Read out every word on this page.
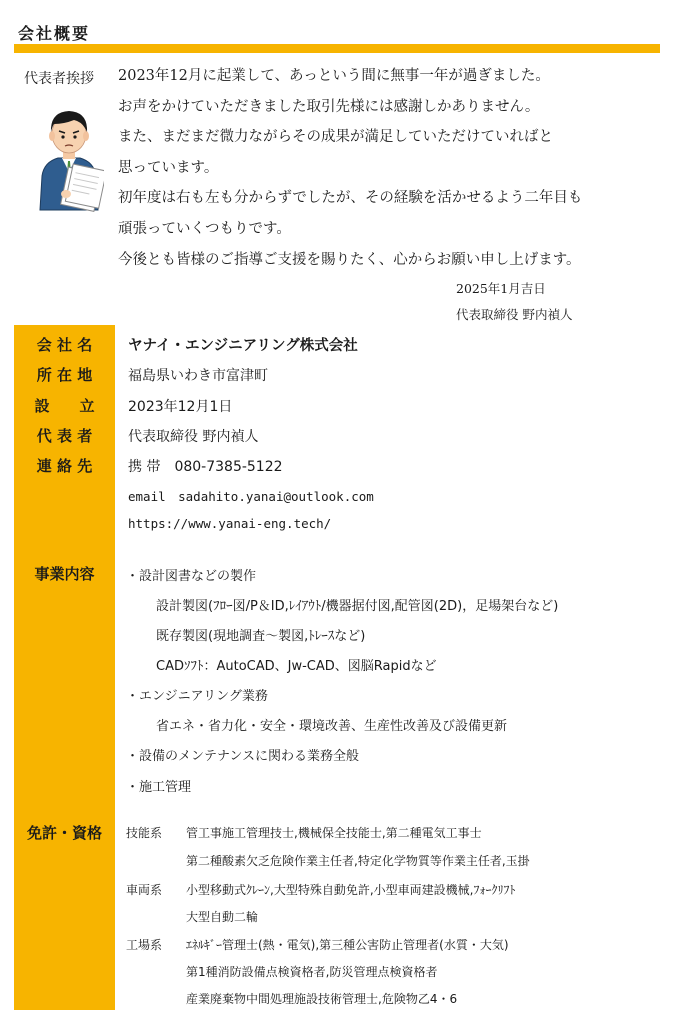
会社概要
代表者挨拶 2023年12月に起業して、あっという間に無事一年が過ぎました。
お声をかけていただきました取引先様には感謝しかありません。
また、まだまだ微力ながらその成果が満足していただけていればと
思っています。
初年度は右も左も分からずでしたが、その経験を活かせるよう二年目も
頑張っていくつもりです。
今後とも皆様のご指導ご支援を賜りたく、心からお願い申し上げます。
2025年1月吉日
代表取締役 野内禎人
会 社 名	ヤナイ・エンジニアリング株式会社
所 在 地	福島県いわき市富津町
設　　立	2023年12月1日
代 表 者	代表取締役 野内禎人
連 絡 先	携 帯　080-7385-5122
email　sadahito.yanai@outlook.com
https://www.yanai-eng.tech/
事業内容	・設計図書などの製作
設計製図(ﾌﾛｰ図/P＆ID,ﾚｲｱｳﾄ/機器据付図,配管図(2D)，足場架台など)
既存製図(現地調査～製図,ﾄﾚｰｽなど)
CADｿﾌﾄ：AutoCAD、Jw-CAD、図脳Rapidなど
・エンジニアリング業務
省エネ・省力化・安全・環境改善、生産性改善及び設備更新
・設備のメンテナンスに関わる業務全般
・施工管理
免許・資格	技能系 管工事施工管理技士,機械保全技能士,第二種電気工事士
第二種酸素欠乏危険作業主任者,特定化学物質等作業主任者,玉掛
車両系 小型移動式ｸﾚｰﾝ,大型特殊自動免許,小型車両建設機械,ﾌｫｰｸﾘﾌﾄ
大型自動二輪
工場系 ｴﾈﾙｷﾞｰ管理士(熱・電気),第三種公害防止管理者(水質・大気)
第1種消防設備点検資格者,防災管理点検資格者
産業廃棄物中間処理施設技術管理士,危険物乙4・6
